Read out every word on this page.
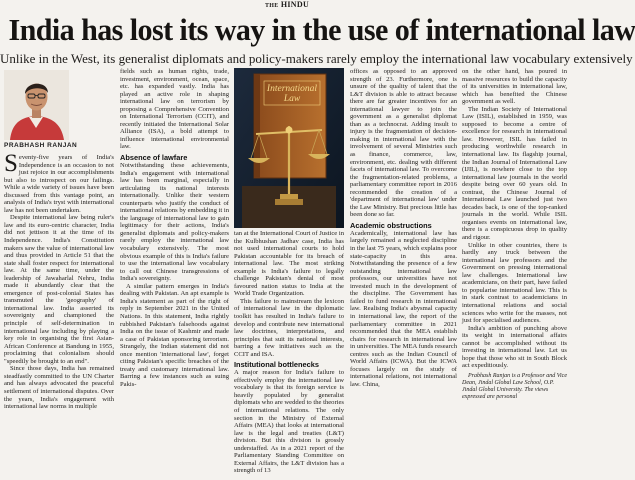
THE HINDU
India has lost its way in the use of international law
Unlike in the West, its generalist diplomats and policy-makers rarely employ the international law vocabulary extensively
PRABHASH RANJAN

Seventy-five years of India's Independence is an occasion to not just rejoice in our accomplishments but also to introspect on our failings. While a wide variety of issues have been discussed from this vantage point, an analysis of India's tryst with international law has not been undertaken.

Despite international law being ruler's law and its euro-centric character, India did not jettison it at the time of its Independence. India's Constitution makers saw the value of international law and thus provided in Article 51 that the state shall foster respect for international law. At the same time, under the leadership of Jawaharlal Nehru, India made it abundantly clear that the emergence of post-colonial States has transmuted the 'geography' of international law. India asserted its sovereignty and championed the principle of self-determination in international law including by playing a key role in organising the first Asian-African Conference at Bandung in 1955, proclaiming that colonialism should "speedily be brought to an end".

Since those days, India has remained steadfastly committed to the UN Charter and has always advocated the peaceful settlement of international disputes. Over the years, India's engagement with international law norms in multiple

fields such as human rights, trade, investment, environment, ocean, space, etc. has expanded vastly. India has played an active role in shaping international law on terrorism by proposing a Comprehensive Convention on International Terrorism (CCIT), and recently initiated the International Solar Alliance (ISA), a bold attempt to influence international environmental law.

Absence of lawfare

Notwithstanding these achievements, India's engagement with international law has been marginal, especially in articulating its national interests internationally. Unlike their western counterparts who justify the conduct of international relations by embedding it in the language of international law to gain legitimacy for their actions, India's generalist diplomats and policy-makers rarely employ the international law vocabulary extensively. The most obvious example of this is India's failure to use the international law vocabulary to call out Chinese transgressions of India's sovereignty.

A similar pattern emerges in India's dealing with Pakistan. An apt example is India's statement as part of the right of reply in September 2021 in the United Nations. In this statement, India rightly rubbished Pakistan's falsehoods against India on the issue of Kashmir and made a case of Pakistan sponsoring terrorism. Strangely, the Indian statement did not once mention 'international law', forget citing Pakistan's specific breaches of the treaty and customary international law. Barring a few instances such as suing Pakis-

International
Law

tan at the International Court of Justice in the Kulbhushan Jadhav case, India has not used international courts to hold Pakistan accountable for its breach of international law. The most striking example is India's failure to legally challenge Pakistan's denial of most favoured nation status to India at the World Trade Organization.

This failure to mainstream the lexicon of international law in the diplomatic toolkit has resulted in India's failure to develop and contribute new international law doctrines, interpretations, and principles that suit its national interests, barring a few initiatives such as the CCIT and ISA.

Institutional bottlenecks

A major reason for India's failure to effectively employ the international law vocabulary is that its foreign service is heavily populated by generalist diplomats who are wedded to the theories of international relations. The only section in the Ministry of External Affairs (MEA) that looks at international law is the legal and treaties (L&T) division. But this division is grossly understaffed. As in a 2021 report of the Parliamentary Standing Committee on External Affairs, the L&T division has a strength of 13

offices as opposed to an approved strength of 23. Furthermore, one is unsure of the quality of talent that the L&T division is able to attract because there are far greater incentives for an international lawyer to join the government as a generalist diplomat than as a technocrat. Adding insult to injury is the fragmentation of decision-making in international law with the involvement of several Ministries such as finance, commerce, law, environment, etc. dealing with different facets of international law. To overcome the fragmentation-related problems, a parliamentary committee report in 2016 recommended the creation of a 'department of international law' under the Law Ministry. But precious little has been done so far.

Academic obstructions

Academically, international law has largely remained a neglected discipline in the last 75 years, which explains poor state-capacity in this area. Notwithstanding the presence of a few outstanding international law professors, our universities have not invested much in the development of the discipline. The Government has failed to fund research in international law. Realising India's abysmal capacity in international law, the report of the parliamentary committee in 2021 recommended that the MEA establish chairs for research in international law in universities. The MEA funds research centres such as the Indian Council of World Affairs (ICWA). But the ICWA focuses largely on the study of international relations, not international law. China,

on the other hand, has poured in massive resources to build the capacity of its universities in international law, which has benefited the Chinese government as well.

The Indian Society of International Law (ISIL), established in 1959, was supposed to become a centre of excellence for research in international law. However, ISIL has failed in producing worthwhile research in international law. Its flagship journal, the Indian Journal of International Law (IJIL), is nowhere close to the top international law journals in the world despite being over 60 years old. In contrast, the Chinese Journal of International Law launched just two decades back, is one of the top-ranked journals in the world. While ISIL organises events on international law, there is a conspicuous drop in quality and rigour.

Unlike in other countries, there is hardly any truck between the international law professors and the Government on pressing international law challenges. International law academicians, on their part, have failed to popularise international law. This is in stark contrast to academicians in international relations and social sciences who write for the masses, not just for specialised audiences.

India's ambition of punching above its weight in international affairs cannot be accomplished without its investing in international law. Let us hope that those who sit in South Block act expeditiously.

Prabhash Ranjan is a Professor and Vice Dean, Jindal Global Law School, O.P. Jindal Global University. The views expressed are personal
